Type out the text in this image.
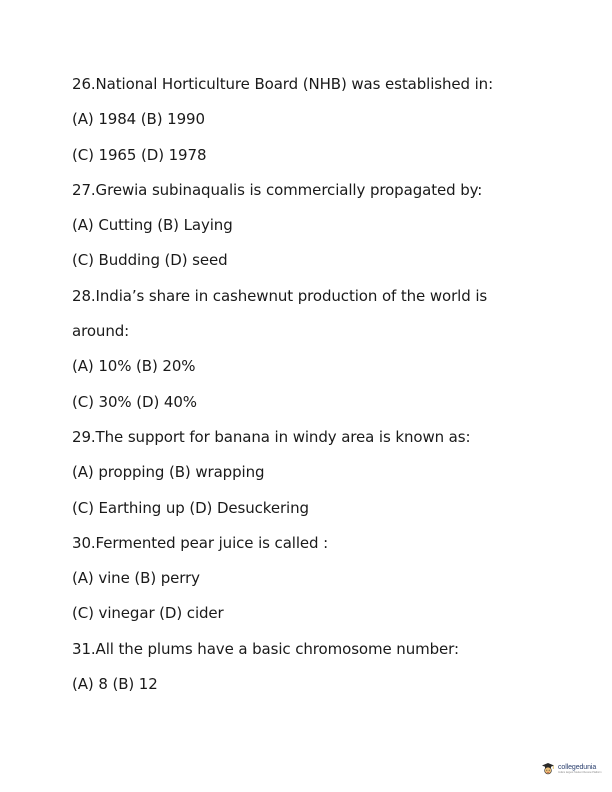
26.National Horticulture Board (NHB) was established in:
(A) 1984 (B) 1990
(C) 1965 (D) 1978
27.Grewia subinaqualis is commercially propagated by:
(A) Cutting (B) Laying
(C) Budding (D) seed
28.India’s share in cashewnut production of the world is
around:
(A) 10% (B) 20%
(C) 30% (D) 40%
29.The support for banana in windy area is known as:
(A) propping (B) wrapping
(C) Earthing up (D) Desuckering
30.Fermented pear juice is called :
(A) vine (B) perry
(C) vinegar (D) cider
31.All the plums have a basic chromosome number:
(A) 8 (B) 12
collegedunia
India's largest Student Review Platform
